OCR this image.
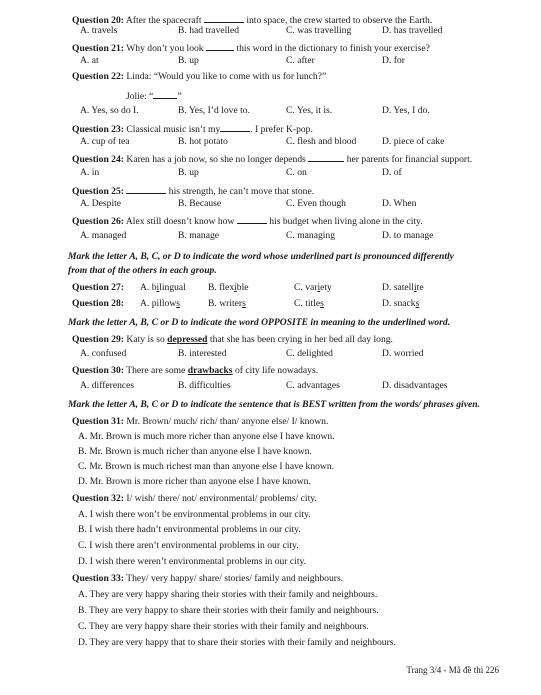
Question 20: After the spacecraft	into space, the crew started to observe the Earth.
A. travels	B. had travelled	C. was travelling	D. has travelled
Question 21: Why don’t you look	this word in the dictionary to finish your exercise?
A. at	B. up	C. after	D. for
Question 22: Linda: “Would you like to come with us for lunch?”
Jolie: “	”
A. Yes, so do I.	B. Yes, I’d love to.	C. Yes, it is.	D. Yes, I do.
Question 23: Classical music isn’t my	. I prefer K-pop.
A. cup of tea	B. hot potato	C. flesh and blood	D. piece of cake
Question 24: Karen has a job now, so she no longer depends	her parents for financial support.
A. in	B. up	C. on	D. of
Question 25:	his strength, he can’t move that stone.
A. Despite	B. Because	C. Even though	D. When
Question 26: Alex still doesn’t know how	his budget when living alone in the city.
A. managed	B. manage	C. managing	D. to manage
Mark the letter A, B, C, or D to indicate the word whose underlined part is pronounced differently
from that of the others in each group.
Question 27: A. bilingual B. flexible	C. variety	D. satellite
Question 28: A. pillows	B. writers	C. titles	D. snacks
Mark the letter A, B, C or D to indicate the word OPPOSITE in meaning to the underlined word.
Question 29: Katy is so depressed that she has been crying in her bed all day long.
A. confused	B. interested	C. delighted	D. worried
Question 30: There are some drawbacks of city life nowadays.
A. differences	B. difficulties	C. advantages	D. disadvantages
Mark the letter A, B, C or D to indicate the sentence that is BEST written from the words/ phrases given.
Question 31: Mr. Brown/ much/ rich/ than/ anyone else/ I/ known.
A. Mr. Brown is much more richer than anyone else I have known.
B. Mr. Brown is much richer than anyone else I have known.
C. Mr. Brown is much richest man than anyone else I have known.
D. Mr. Brown is more richer than anyone else I have known.
Question 32: I/ wish/ there/ not/ environmental/ problems/ city.
A. I wish there won’t be environmental problems in our city.
B. I wish there hadn’t environmental problems in our city.
C. I wish there aren’t environmental problems in our city.
D. I wish there weren’t environmental problems in our city.
Question 33: They/ very happy/ share/ stories/ family and neighbours.
A. They are very happy sharing their stories with their family and neighbours.
B. They are very happy to share their stories with their family and neighbours.
C. They are very happy share their stories with their family and neighbours.
D. They are very happy that to share their stories with their family and neighbours.
Trang 3/4 - Mã đề thi 226
